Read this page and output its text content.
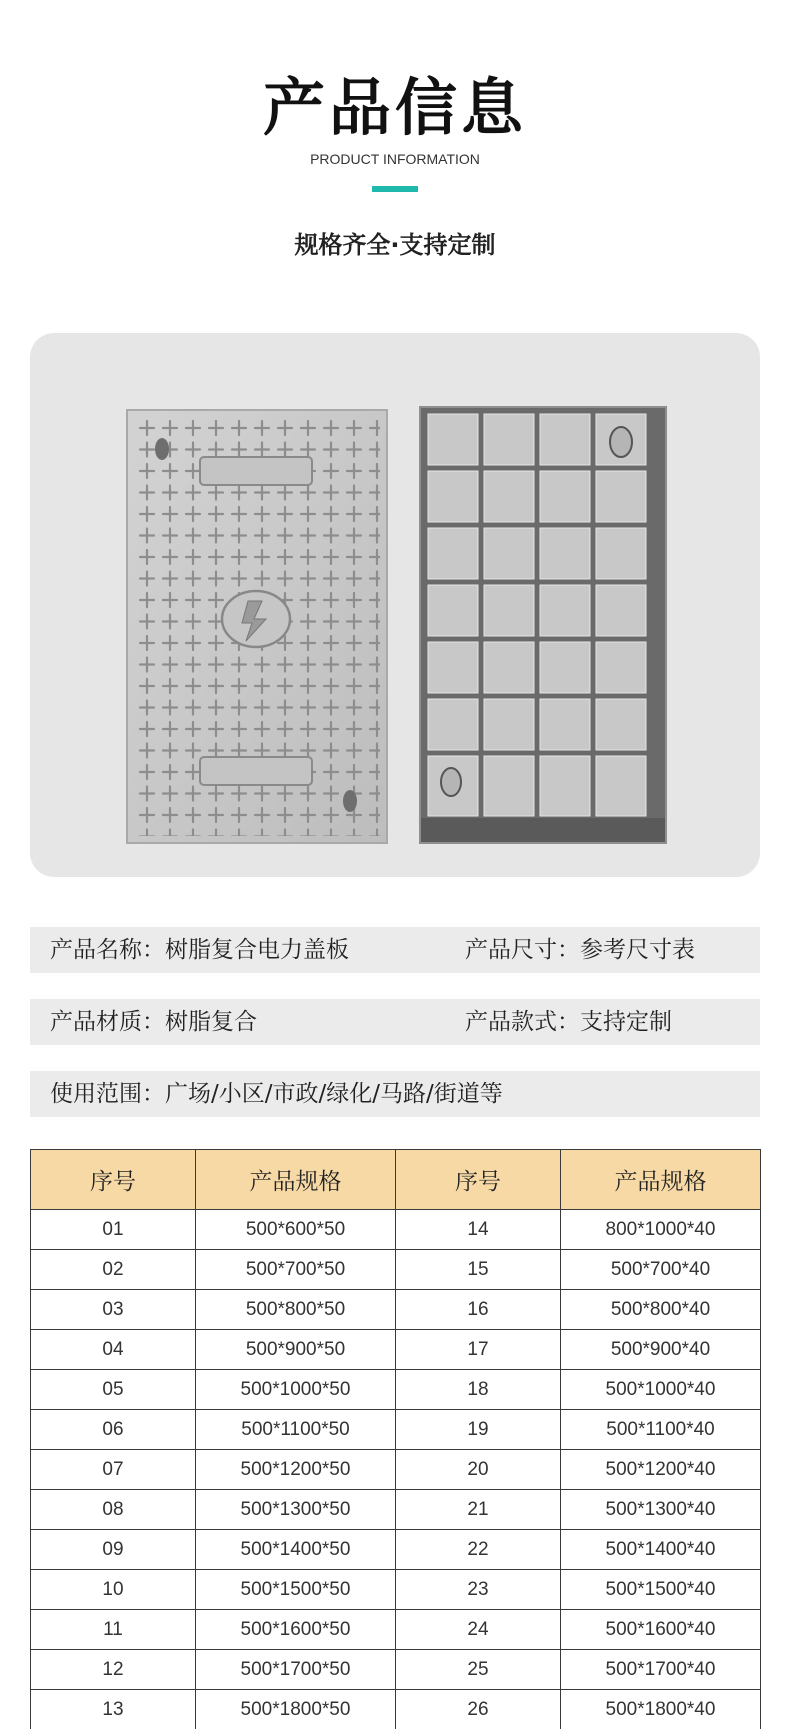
产品信息
PRODUCT INFORMATION
规格齐全·支持定制
产品名称：树脂复合电力盖板	产品尺寸：参考尺寸表
产品材质：树脂复合	产品款式：支持定制
使用范围：广场/小区/市政/绿化/马路/街道等
序号	产品规格	序号	产品规格
01	500*600*50	14	800*1000*40
02	500*700*50	15	500*700*40
03	500*800*50	16	500*800*40
04	500*900*50	17	500*900*40
05	500*1000*50	18	500*1000*40
06	500*1100*50	19	500*1100*40
07	500*1200*50	20	500*1200*40
08	500*1300*50	21	500*1300*40
09	500*1400*50	22	500*1400*40
10	500*1500*50	23	500*1500*40
11	500*1600*50	24	500*1600*40
12	500*1700*50	25	500*1700*40
13	500*1800*50	26	500*1800*40
